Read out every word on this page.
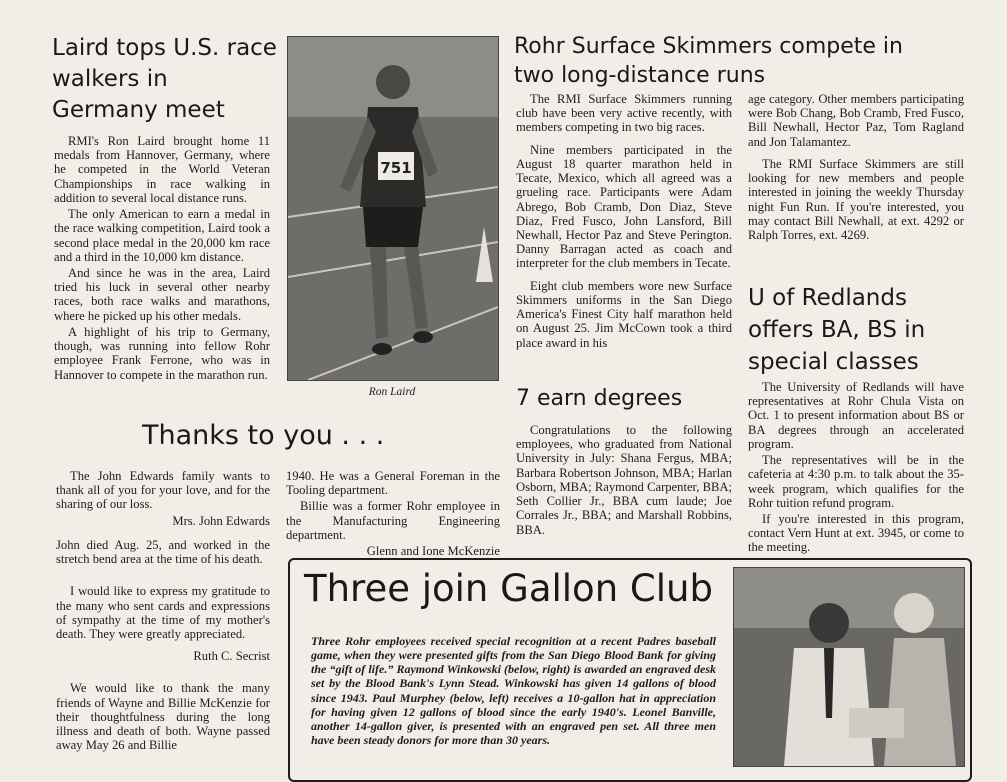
Laird tops U.S. race walkers in Germany meet

RMI's Ron Laird brought home 11 medals from Hannover, Germany, where he competed in the World Veteran Championships in race walking in addition to several local distance runs.

The only American to earn a medal in the race walking competition, Laird took a second place medal in the 20,000 km race and a third in the 10,000 km distance.

And since he was in the area, Laird tried his luck in several other nearby races, both race walks and marathons, where he picked up his other medals.

A highlight of his trip to Germany, though, was running into fellow Rohr employee Frank Ferrone, who was in Hannover to compete in the marathon run.

751
Ron Laird
Rohr Surface Skimmers compete in two long-distance runs

The RMI Surface Skimmers running club have been very active recently, with members competing in two big races.

Nine members participated in the August 18 quarter marathon held in Tecate, Mexico, which all agreed was a grueling race. Participants were Adam Abrego, Bob Cramb, Don Diaz, Steve Diaz, Fred Fusco, John Lansford, Bill Newhall, Hector Paz and Steve Perington. Danny Barragan acted as coach and interpreter for the club members in Tecate.

Eight club members wore new Surface Skimmers uniforms in the San Diego America's Finest City half marathon held on August 25. Jim McCown took a third place award in his

age category. Other members participating were Bob Chang, Bob Cramb, Fred Fusco, Bill Newhall, Hector Paz, Tom Ragland and Jon Talamantez.

The RMI Surface Skimmers are still looking for new members and people interested in joining the weekly Thursday night Fun Run. If you're interested, you may contact Bill Newhall, at ext. 4292 or Ralph Torres, ext. 4269.

7 earn degrees

Congratulations to the following employees, who graduated from National University in July: Shana Fergus, MBA; Barbara Robertson Johnson, MBA; Harlan Osborn, MBA; Raymond Carpenter, BBA; Seth Collier Jr., BBA cum laude; Joe Corrales Jr., BBA; and Marshall Robbins, BBA.

U of Redlands offers BA, BS in special classes

The University of Redlands will have representatives at Rohr Chula Vista on Oct. 1 to present information about BS or BA degrees through an accelerated program.

The representatives will be in the cafeteria at 4:30 p.m. to talk about the 35-week program, which qualifies for the Rohr tuition refund program.

If you're interested in this program, contact Vern Hunt at ext. 3945, or come to the meeting.

Thanks to you . . .

The John Edwards family wants to thank all of you for your love, and for the sharing of our loss.

Mrs. John Edwards

John died Aug. 25, and worked in the stretch bend area at the time of his death.

I would like to express my gratitude to the many who sent cards and expressions of sympathy at the time of my mother's death. They were greatly appreciated.

Ruth C. Secrist

We would like to thank the many friends of Wayne and Billie McKenzie for their thoughtfulness during the long illness and death of both. Wayne passed away May 26 and Billie

1940. He was a General Foreman in the Tooling department.

Billie was a former Rohr employee in the Manufacturing Engineering department.

Glenn and Ione McKenzie

Three join Gallon Club

Three Rohr employees received special recognition at a recent Padres baseball game, when they were presented gifts from the San Diego Blood Bank for giving the “gift of life.” Raymond Winkowski (below, right) is awarded an engraved desk set by the Blood Bank's Lynn Stead. Winkowski has given 14 gallons of blood since 1943. Paul Murphey (below, left) receives a 10-gallon hat in appreciation for having given 12 gallons of blood since the early 1940's. Leonel Banville, another 14-gallon giver, is presented with an engraved pen set. All three men have been steady donors for more than 30 years.
